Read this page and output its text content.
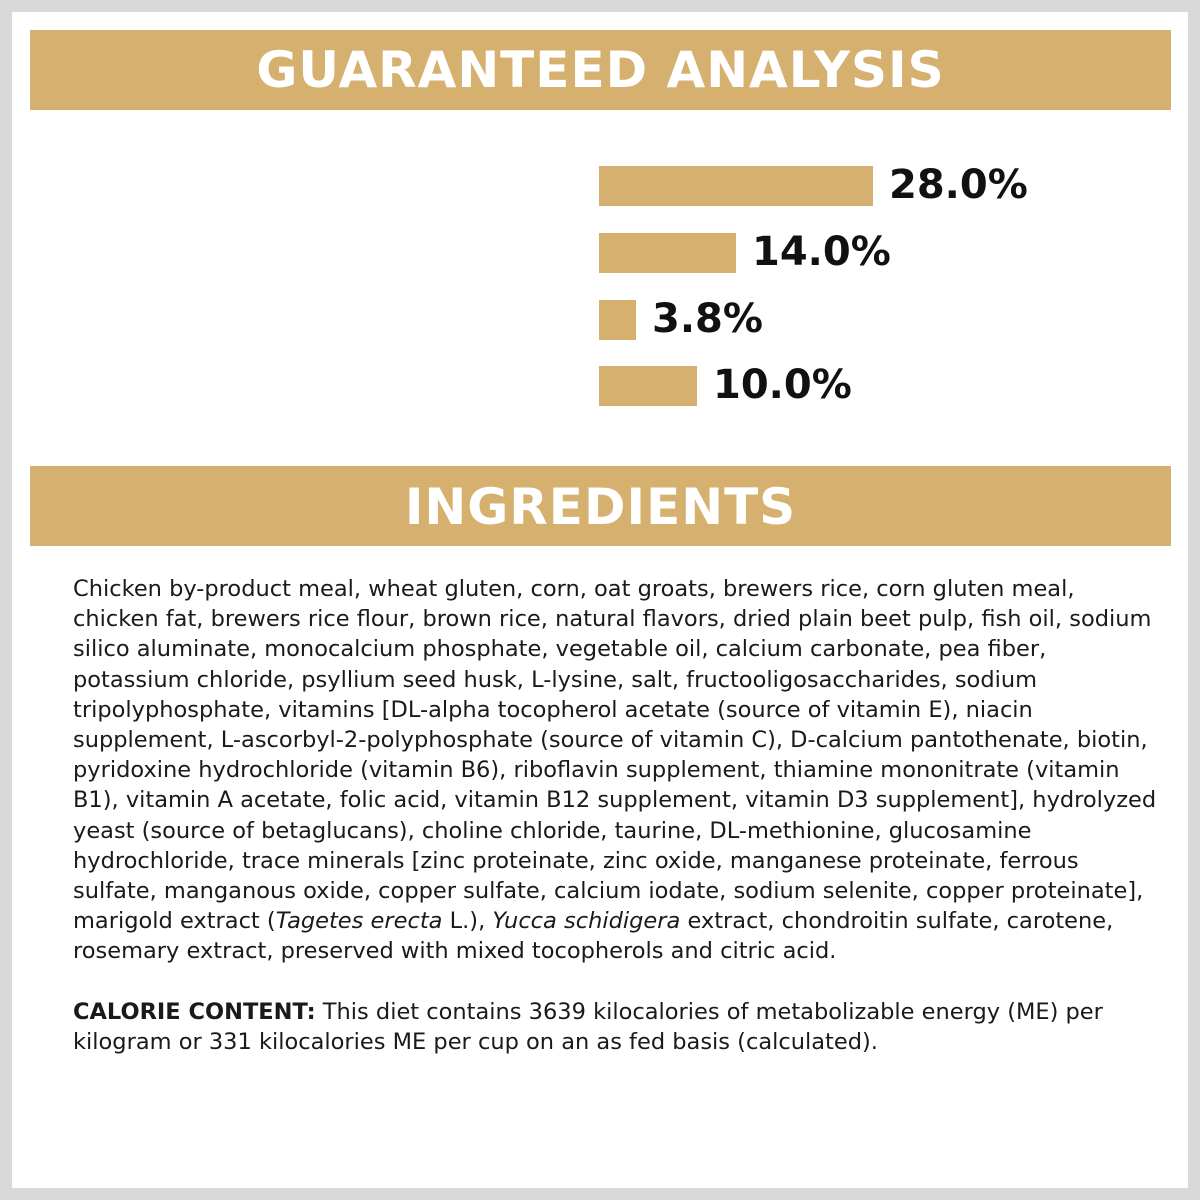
GUARANTEED ANALYSIS
28.0%
14.0%
3.8%
10.0%
INGREDIENTS

Chicken by-product meal, wheat gluten, corn, oat groats, brewers rice, corn gluten meal, chicken fat, brewers rice flour, brown rice, natural flavors, dried plain beet pulp, fish oil, sodium silico aluminate, monocalcium phosphate, vegetable oil, calcium carbonate, pea fiber, potassium chloride, psyllium seed husk, L-lysine, salt, fructooligosaccharides, sodium tripolyphosphate, vitamins [DL-alpha tocopherol acetate (source of vitamin E), niacin supplement, L-ascorbyl-2-polyphosphate (source of vitamin C), D-calcium pantothenate, biotin, pyridoxine hydrochloride (vitamin B6), riboflavin supplement, thiamine mononitrate (vitamin B1), vitamin A acetate, folic acid, vitamin B12 supplement, vitamin D3 supplement], hydrolyzed yeast (source of betaglucans), choline chloride, taurine, DL-methionine, glucosamine hydrochloride, trace minerals [zinc proteinate, zinc oxide, manganese proteinate, ferrous sulfate, manganous oxide, copper sulfate, calcium iodate, sodium selenite, copper proteinate], marigold extract (Tagetes erecta L.), Yucca schidigera extract, chondroitin sulfate, carotene, rosemary extract, preserved with mixed tocopherols and citric acid.

CALORIE CONTENT: This diet contains 3639 kilocalories of metabolizable energy (ME) per kilogram or 331 kilocalories ME per cup on an as fed basis (calculated).
